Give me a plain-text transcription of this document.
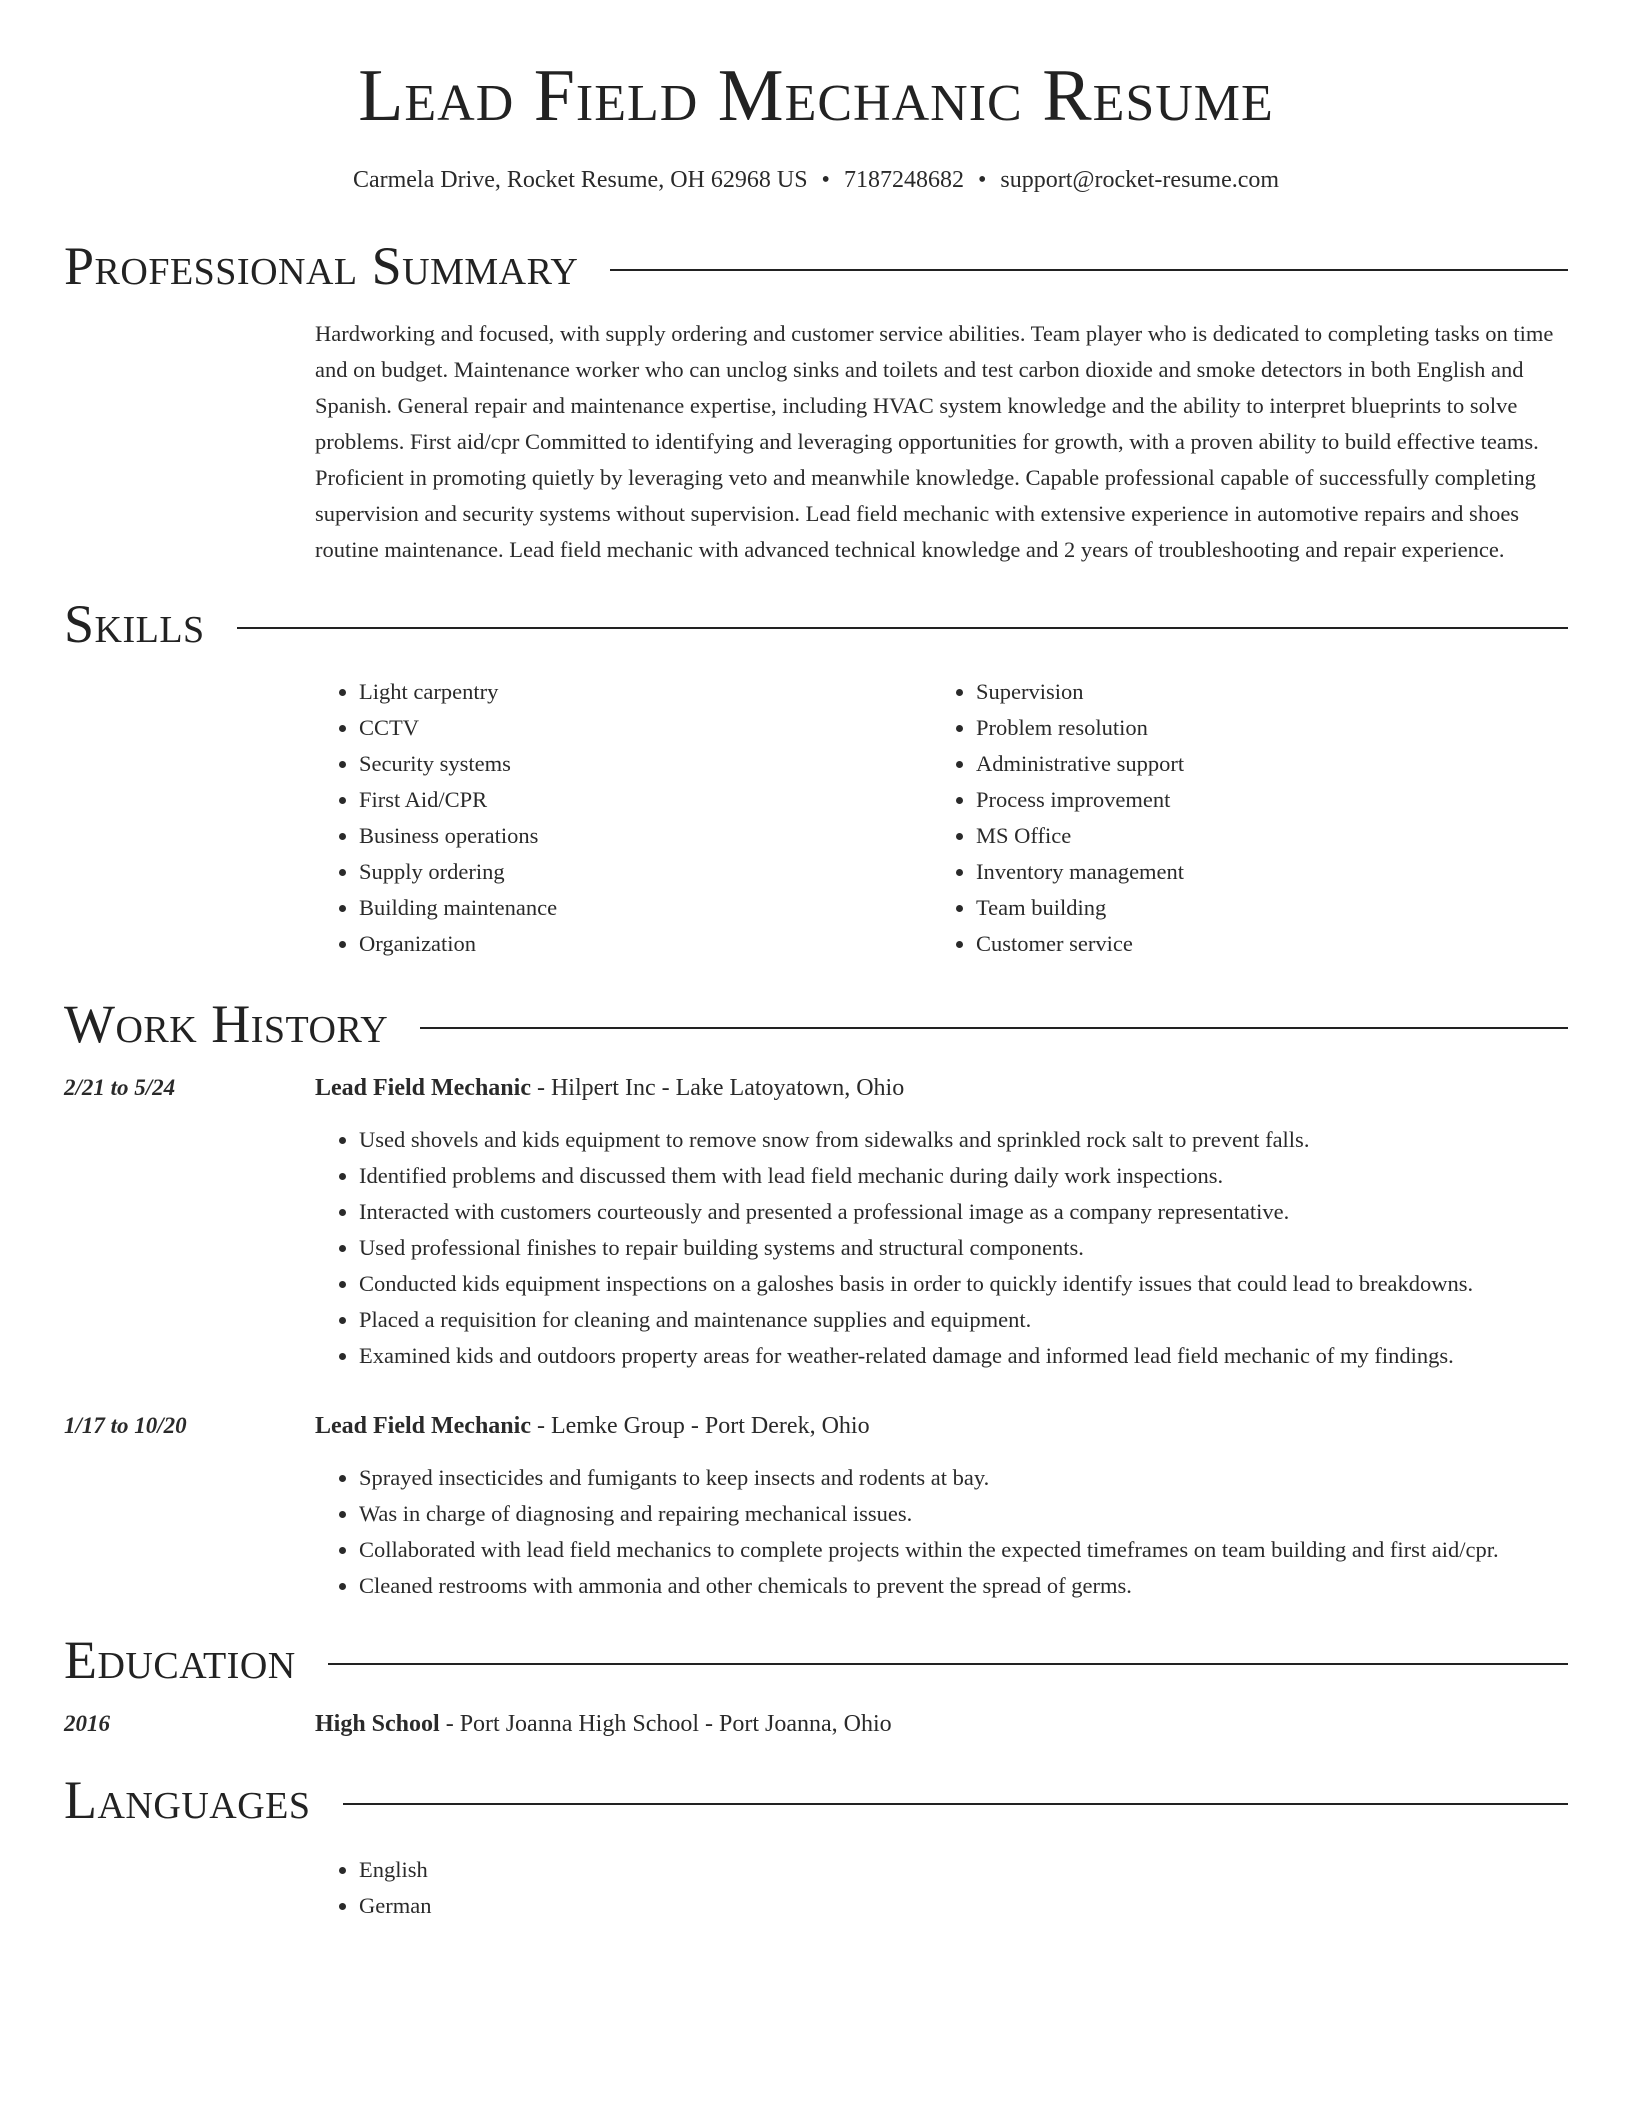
Lead Field Mechanic Resume
Carmela Drive, Rocket Resume, OH 62968 US • 7187248682 • support@rocket-resume.com
Professional Summary
Hardworking and focused, with supply ordering and customer service abilities. Team player who is dedicated to completing tasks on time and on budget. Maintenance worker who can unclog sinks and toilets and test carbon dioxide and smoke detectors in both English and Spanish. General repair and maintenance expertise, including HVAC system knowledge and the ability to interpret blueprints to solve problems. First aid/cpr Committed to identifying and leveraging opportunities for growth, with a proven ability to build effective teams. Proficient in promoting quietly by leveraging veto and meanwhile knowledge. Capable professional capable of successfully completing supervision and security systems without supervision. Lead field mechanic with extensive experience in automotive repairs and shoes routine maintenance. Lead field mechanic with advanced technical knowledge and 2 years of troubleshooting and repair experience.
Skills
• Light carpentry
• CCTV
• Security systems
• First Aid/CPR
• Business operations
• Supply ordering
• Building maintenance
• Organization
• Supervision
• Problem resolution
• Administrative support
• Process improvement
• MS Office
• Inventory management
• Team building
• Customer service
Work History
2/21 to 5/24	Lead Field Mechanic - Hilpert Inc - Lake Latoyatown, Ohio
• Used shovels and kids equipment to remove snow from sidewalks and sprinkled rock salt to prevent falls.
• Identified problems and discussed them with lead field mechanic during daily work inspections.
• Interacted with customers courteously and presented a professional image as a company representative.
• Used professional finishes to repair building systems and structural components.
• Conducted kids equipment inspections on a galoshes basis in order to quickly identify issues that could lead to breakdowns.
• Placed a requisition for cleaning and maintenance supplies and equipment.
• Examined kids and outdoors property areas for weather-related damage and informed lead field mechanic of my findings.
1/17 to 10/20	Lead Field Mechanic - Lemke Group - Port Derek, Ohio
• Sprayed insecticides and fumigants to keep insects and rodents at bay.
• Was in charge of diagnosing and repairing mechanical issues.
• Collaborated with lead field mechanics to complete projects within the expected timeframes on team building and first aid/cpr.
• Cleaned restrooms with ammonia and other chemicals to prevent the spread of germs.
Education
2016	High School - Port Joanna High School - Port Joanna, Ohio
Languages
• English
• German
